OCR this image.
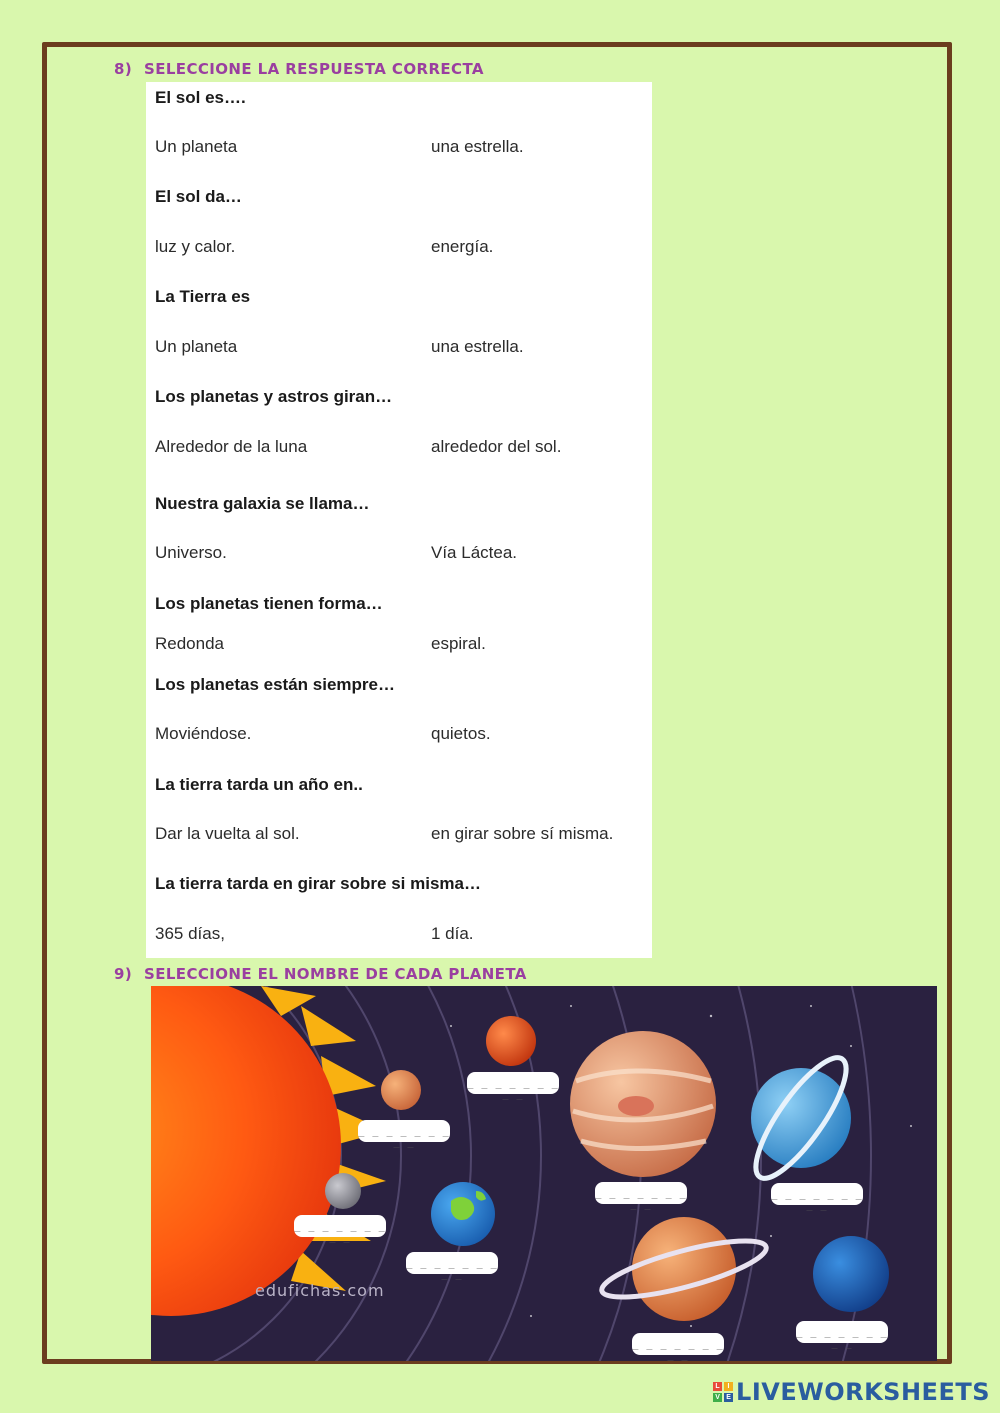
8) SELECCIONE LA RESPUESTA CORRECTA
El sol es….
Un planeta	una estrella.
El sol da…
luz y calor.	energía.
La Tierra es
Un planeta	una estrella.
Los planetas y astros giran…
Alrededor de la luna	alrededor del sol.
Nuestra galaxia se llama…
Universo.	Vía Láctea.
Los planetas tienen forma…
Redonda	espiral.
Los planetas están siempre…
Moviéndose.	quietos.
La tierra tarda un año en..
Dar la vuelta al sol.	en girar sobre sí misma.
La tierra tarda en girar sobre si misma…
365 días,	1 día.
9) SELECCIONE EL NOMBRE DE CADA PLANETA
edufichas.com
_ _ _ _ _ _ _ _ _
_ _ _ _ _ _ _ _ _
_ _ _ _ _ _ _ _ _
_ _ _ _ _ _ _ _ _
_ _ _ _ _ _ _ _ _
_ _ _ _ _ _ _ _ _
_ _ _ _ _ _ _ _ _
_ _ _ _ _ _ _ _ _
L	I
V E LIVEWORKSHEETS
